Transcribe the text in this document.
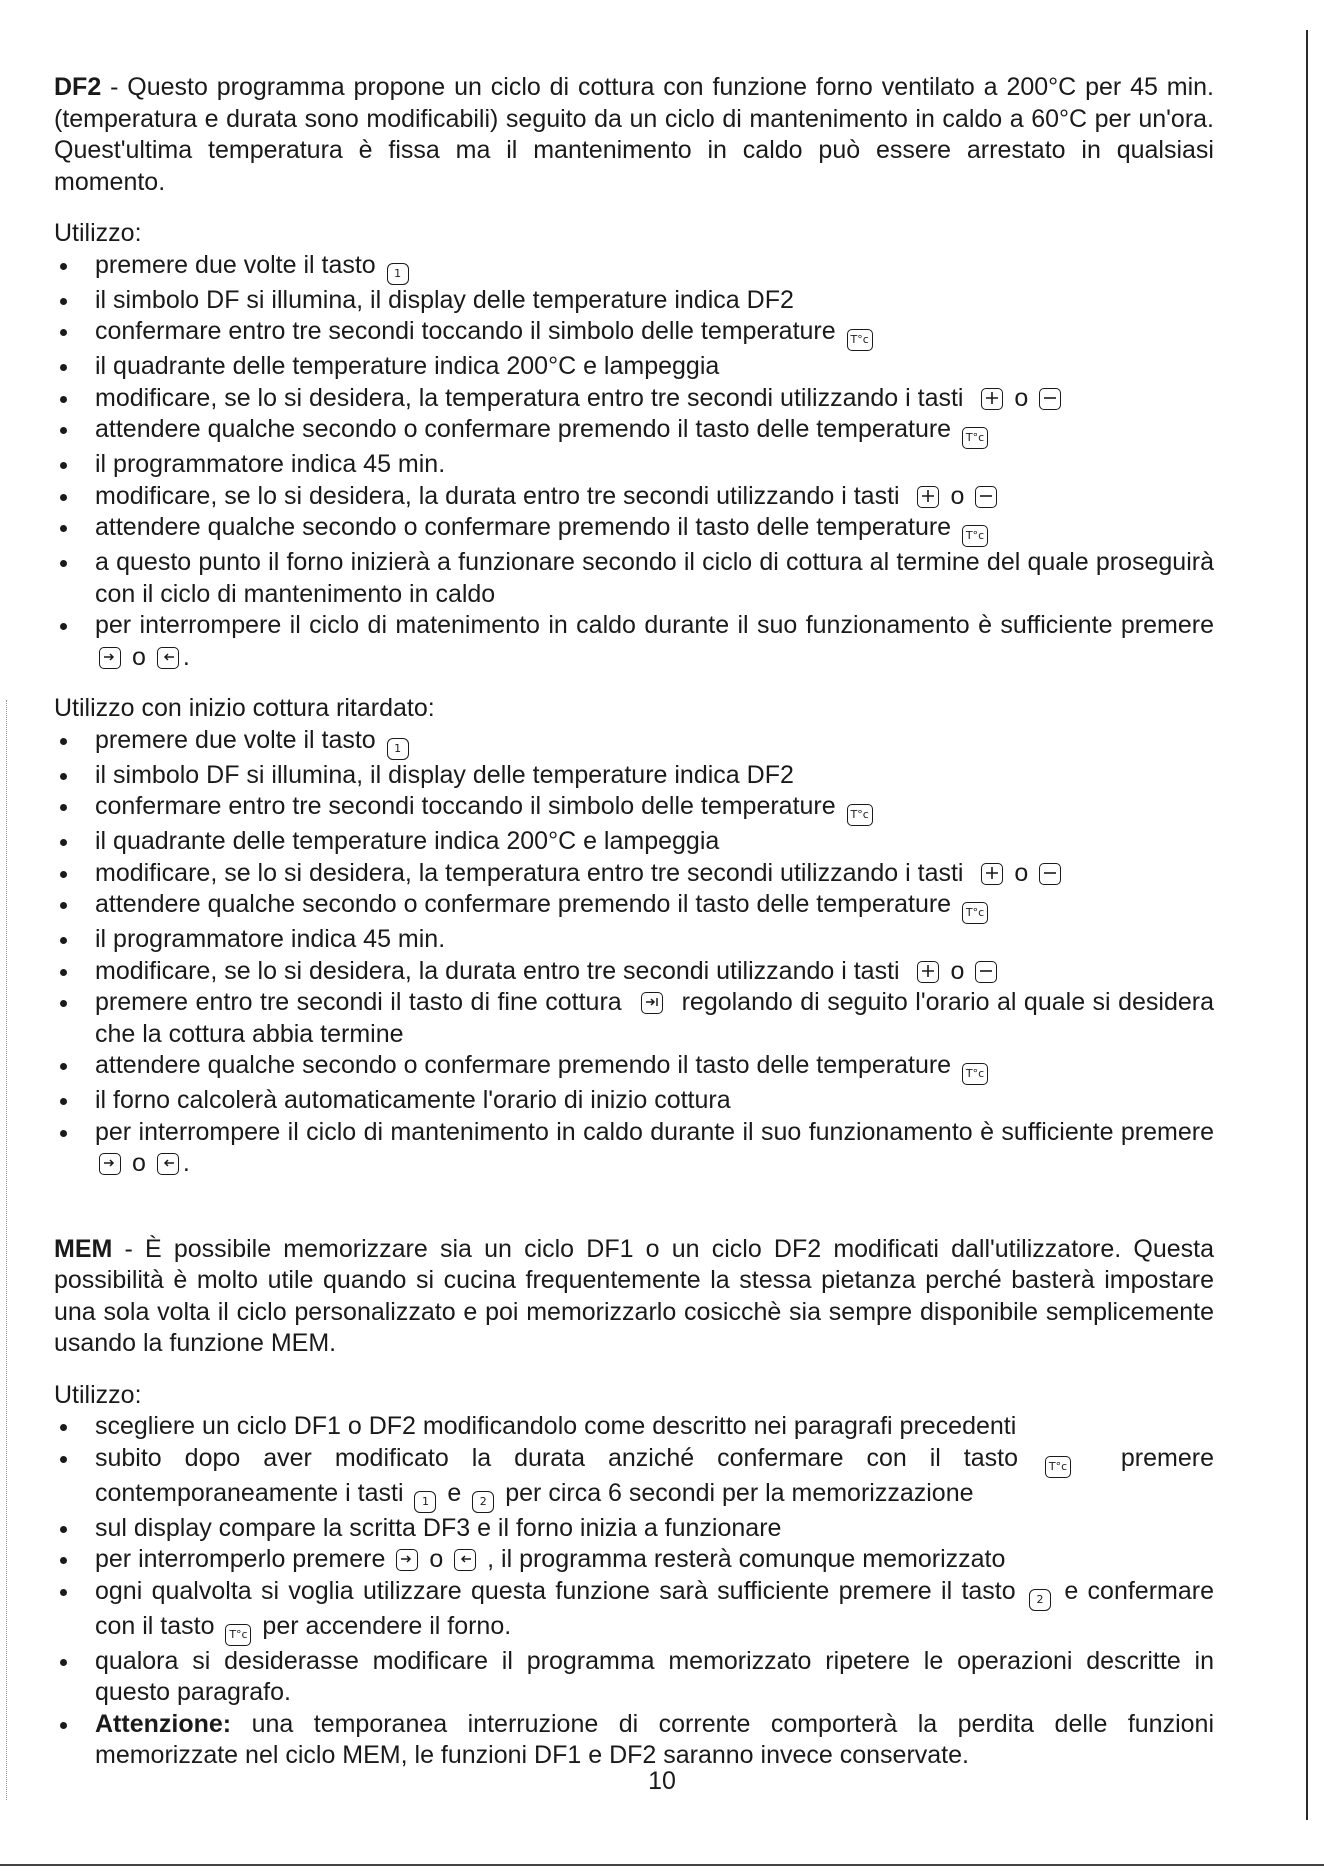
DF2 - Questo programma propone un ciclo di cottura con funzione forno ventilato a 200°C per 45 min. (temperatura e durata sono modificabili) seguito da un ciclo di mantenimento in caldo a 60°C per un'ora. Quest'ultima temperatura è fissa ma il mantenimento in caldo può essere arrestato in qualsiasi momento.

Utilizzo:
premere due volte il tasto 1
il simbolo DF si illumina, il display delle temperature indica DF2
confermare entro tre secondi toccando il simbolo delle temperature T°c
il quadrante delle temperature indica 200°C e lampeggia
modificare, se lo si desidera, la temperatura entro tre secondi utilizzando i tasti o
attendere qualche secondo o confermare premendo il tasto delle temperature T°c
il programmatore indica 45 min.
modificare, se lo si desidera, la durata entro tre secondi utilizzando i tasti o
attendere qualche secondo o confermare premendo il tasto delle temperature T°c
a questo punto il forno inizierà a funzionare secondo il ciclo di cottura al termine del quale proseguirà con il ciclo di mantenimento in caldo
per interrompere il ciclo di matenimento in caldo durante il suo funzionamento è sufficiente premere
o .
Utilizzo con inizio cottura ritardato:
premere due volte il tasto 1
il simbolo DF si illumina, il display delle temperature indica DF2
confermare entro tre secondi toccando il simbolo delle temperature T°c
il quadrante delle temperature indica 200°C e lampeggia
modificare, se lo si desidera, la temperatura entro tre secondi utilizzando i tasti o
attendere qualche secondo o confermare premendo il tasto delle temperature T°c
il programmatore indica 45 min.
modificare, se lo si desidera, la durata entro tre secondi utilizzando i tasti o
premere entro tre secondi il tasto di fine cottura regolando di seguito l'orario al quale si desidera che la cottura abbia termine
attendere qualche secondo o confermare premendo il tasto delle temperature T°c
il forno calcolerà automaticamente l'orario di inizio cottura
per interrompere il ciclo di mantenimento in caldo durante il suo funzionamento è sufficiente premere
o .

MEM - È possibile memorizzare sia un ciclo DF1 o un ciclo DF2 modificati dall'utilizzatore. Questa possibilità è molto utile quando si cucina frequentemente la stessa pietanza perché basterà impostare una sola volta il ciclo personalizzato e poi memorizzarlo cosicchè sia sempre disponibile semplicemente usando la funzione MEM.

Utilizzo:
scegliere un ciclo DF1 o DF2 modificandolo come descritto nei paragrafi precedenti
subito dopo aver modificato la durata anziché confermare con il tasto	T°c premere contemporaneamente i tasti 1 e 2 per circa 6 secondi per la memorizzazione
sul display compare la scritta DF3 e il forno inizia a funzionare
per interromperlo premere o , il programma resterà comunque memorizzato
ogni qualvolta si voglia utilizzare questa funzione sarà sufficiente premere il tasto 2 e confermare con il tasto T°c per accendere il forno.
qualora si desiderasse modificare il programma memorizzato ripetere le operazioni descritte in questo paragrafo.
Attenzione: una temporanea interruzione di corrente comporterà la perdita delle funzioni memorizzate nel ciclo MEM, le funzioni DF1 e DF2 saranno invece conservate.
10
